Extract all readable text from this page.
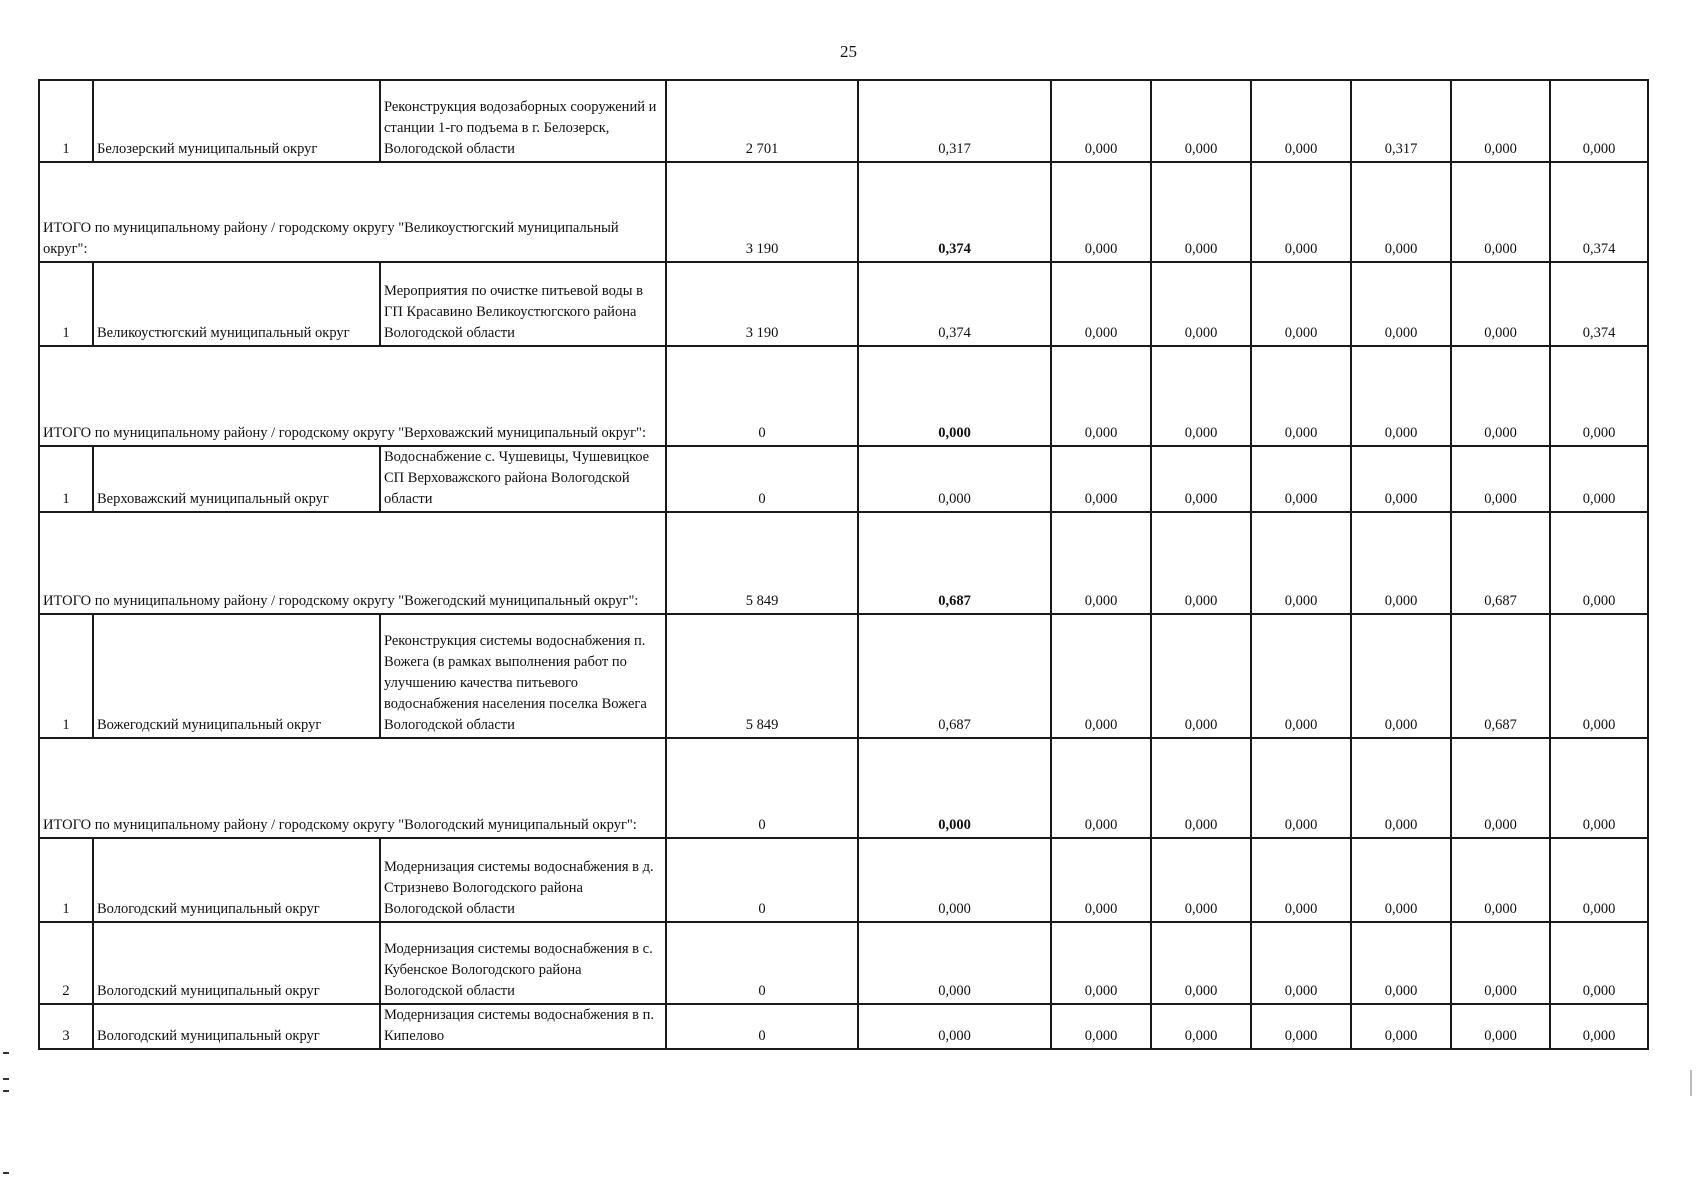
25
1	Белозерский муниципальный округ	Реконструкция водозаборных сооружений и станции 1-го подъема в г. Белозерск, Вологодской области	2 701	0,317	0,000	0,000	0,000	0,317	0,000	0,000
ИТОГО по муниципальному району / городскому округу "Великоустюгский муниципальный округ":			3 190	0,374	0,000	0,000	0,000	0,000	0,000	0,374
1	Великоустюгский муниципальный округ	Мероприятия по очистке питьевой воды в ГП Красавино Великоустюгского района Вологодской области	3 190	0,374	0,000	0,000	0,000	0,000	0,000	0,374
ИТОГО по муниципальному району / городскому округу "Верховажский муниципальный округ":			0	0,000	0,000	0,000	0,000	0,000	0,000	0,000
1	Верховажский муниципальный округ	Водоснабжение с. Чушевицы, Чушевицкое СП Верховажского района Вологодской области	0	0,000	0,000	0,000	0,000	0,000	0,000	0,000
ИТОГО по муниципальному району / городскому округу "Вожегодский муниципальный округ":			5 849	0,687	0,000	0,000	0,000	0,000	0,687	0,000
1	Вожегодский муниципальный округ	Реконструкция системы водоснабжения п. Вожега (в рамках выполнения работ по улучшению качества питьевого водоснабжения населения поселка Вожега Вологодской области	5 849	0,687	0,000	0,000	0,000	0,000	0,687	0,000
ИТОГО по муниципальному району / городскому округу "Вологодский муниципальный округ":			0	0,000	0,000	0,000	0,000	0,000	0,000	0,000
1	Вологодский муниципальный округ	Модернизация системы водоснабжения в д. Стризнево Вологодского района Вологодской области	0	0,000	0,000	0,000	0,000	0,000	0,000	0,000
2	Вологодский муниципальный округ	Модернизация системы водоснабжения в с. Кубенское Вологодского района Вологодской области	0	0,000	0,000	0,000	0,000	0,000	0,000	0,000
3	Вологодский муниципальный округ	Модернизация системы водоснабжения в п. Кипелово	0	0,000	0,000	0,000	0,000	0,000	0,000	0,000
